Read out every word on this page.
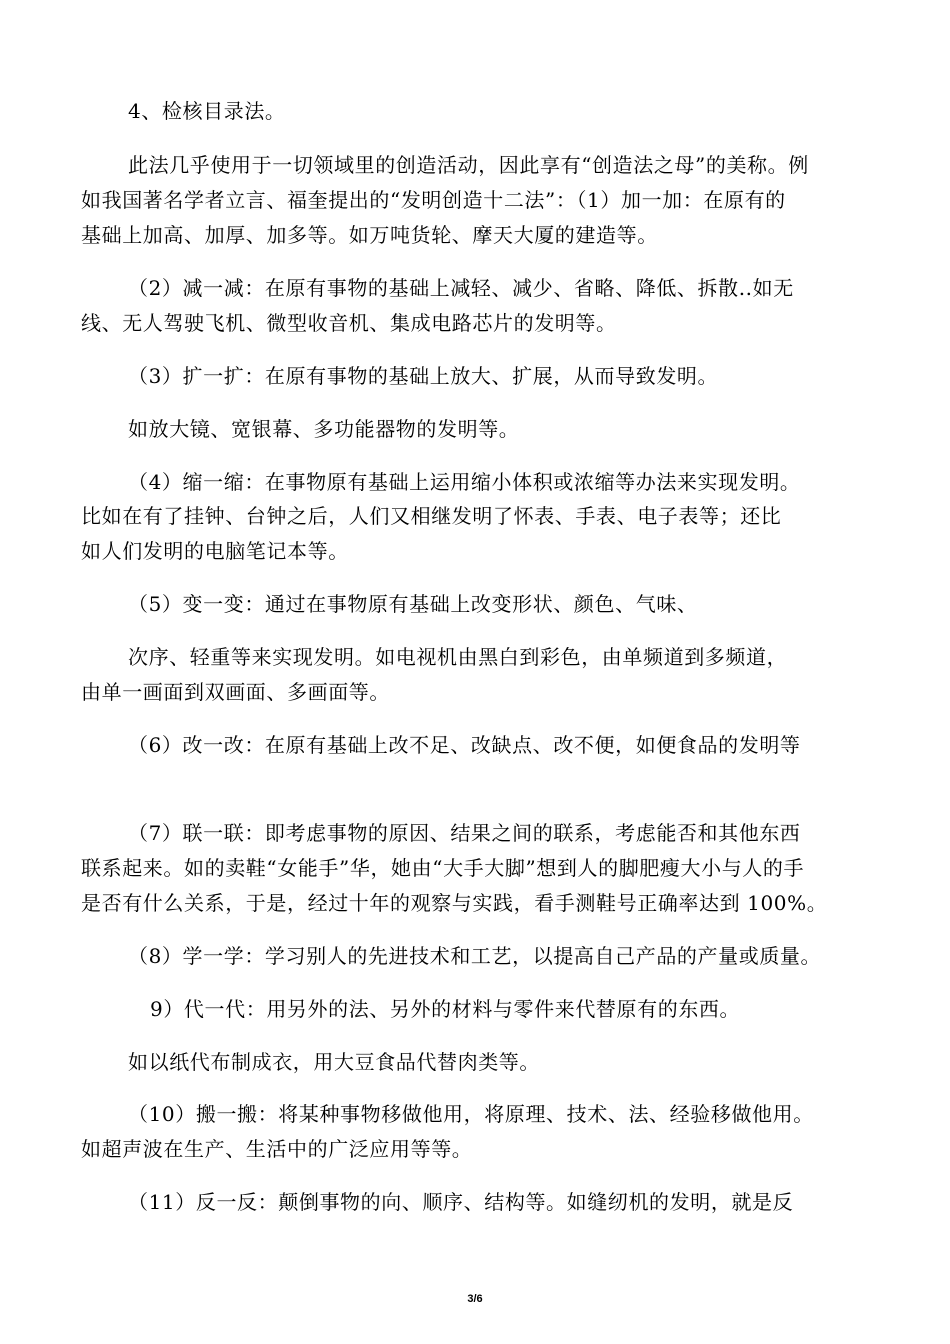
4、检核目录法。
此法几乎使用于一切领域里的创造活动，因此享有“创造法之母”的美称。例
如我国著名学者立言、福奎提出的“发明创造十二法”：（1）加一加：在原有的
基础上加高、加厚、加多等。如万吨货轮、摩天大厦的建造等。
（2）减一减：在原有事物的基础上减轻、减少、省略、降低、拆散..如无
线、无人驾驶飞机、微型收音机、集成电路芯片的发明等。
（3）扩一扩：在原有事物的基础上放大、扩展，从而导致发明。
如放大镜、宽银幕、多功能器物的发明等。
（4）缩一缩：在事物原有基础上运用缩小体积或浓缩等办法来实现发明。
比如在有了挂钟、台钟之后，人们又相继发明了怀表、手表、电子表等；还比
如人们发明的电脑笔记本等。
（5）变一变：通过在事物原有基础上改变形状、颜色、气味、
次序、轻重等来实现发明。如电视机由黑白到彩色，由单频道到多频道，
由单一画面到双画面、多画面等。
（6）改一改：在原有基础上改不足、改缺点、改不便，如便食品的发明等
（7）联一联：即考虑事物的原因、结果之间的联系，考虑能否和其他东西
联系起来。如的卖鞋“女能手”华，她由“大手大脚”想到人的脚肥瘦大小与人的手
是否有什么关系，于是，经过十年的观察与实践，看手测鞋号正确率达到 100%。
（8）学一学：学习别人的先进技术和工艺，以提高自己产品的产量或质量。
9）代一代：用另外的法、另外的材料与零件来代替原有的东西。
如以纸代布制成衣，用大豆食品代替肉类等。
（10）搬一搬：将某种事物移做他用，将原理、技术、法、经验移做他用。
如超声波在生产、生活中的广泛应用等等。
（11）反一反：颠倒事物的向、顺序、结构等。如缝纫机的发明，就是反
3/6
